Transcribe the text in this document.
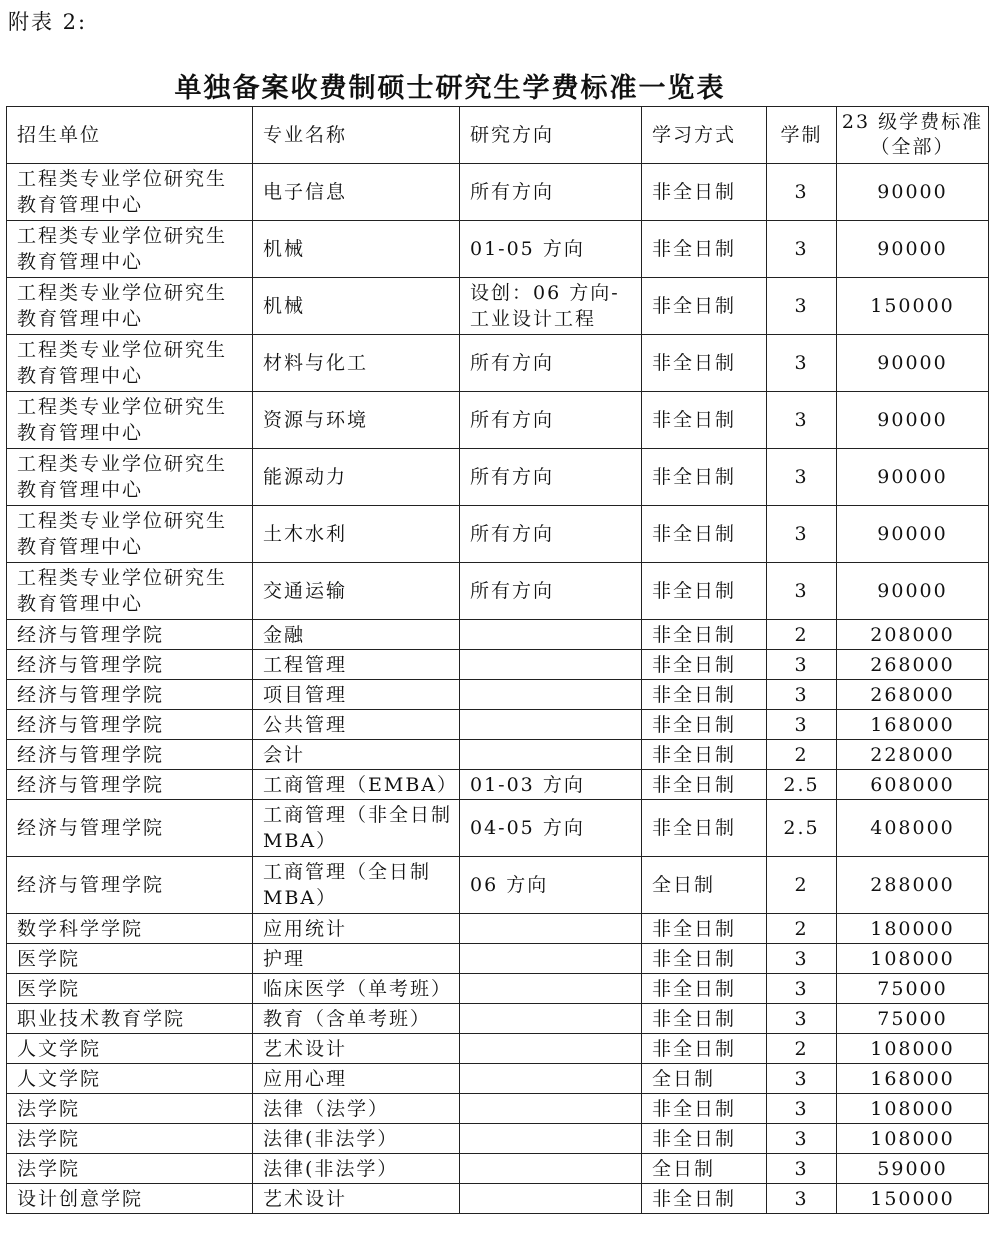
附表 2:
单独备案收费制硕士研究生学费标准一览表
招生单位	专业名称	研究方向	学习方式	学制	23 级学费标准（全部）
工程类专业学位研究生教育管理中心	电子信息	所有方向	非全日制	3	90000
工程类专业学位研究生教育管理中心	机械	01-05 方向	非全日制	3	90000
工程类专业学位研究生教育管理中心	机械	设创：06 方向-工业设计工程	非全日制	3	150000
工程类专业学位研究生教育管理中心	材料与化工	所有方向	非全日制	3	90000
工程类专业学位研究生教育管理中心	资源与环境	所有方向	非全日制	3	90000
工程类专业学位研究生教育管理中心	能源动力	所有方向	非全日制	3	90000
工程类专业学位研究生教育管理中心	土木水利	所有方向	非全日制	3	90000
工程类专业学位研究生教育管理中心	交通运输	所有方向	非全日制	3	90000
经济与管理学院	金融		非全日制	2	208000
经济与管理学院	工程管理		非全日制	3	268000
经济与管理学院	项目管理		非全日制	3	268000
经济与管理学院	公共管理		非全日制	3	168000
经济与管理学院	会计		非全日制	2	228000
经济与管理学院	工商管理（EMBA）	01-03 方向	非全日制	2.5	608000
经济与管理学院	工商管理（非全日制MBA）	04-05 方向	非全日制	2.5	408000
经济与管理学院	工商管理（全日制MBA）	06 方向	全日制	2	288000
数学科学学院	应用统计		非全日制	2	180000
医学院	护理		非全日制	3	108000
医学院	临床医学（单考班）		非全日制	3	75000
职业技术教育学院	教育（含单考班）		非全日制	3	75000
人文学院	艺术设计		非全日制	2	108000
人文学院	应用心理		全日制	3	168000
法学院	法律（法学）		非全日制	3	108000
法学院	法律(非法学）		非全日制	3	108000
法学院	法律(非法学）		全日制	3	59000
设计创意学院	艺术设计		非全日制	3	150000
